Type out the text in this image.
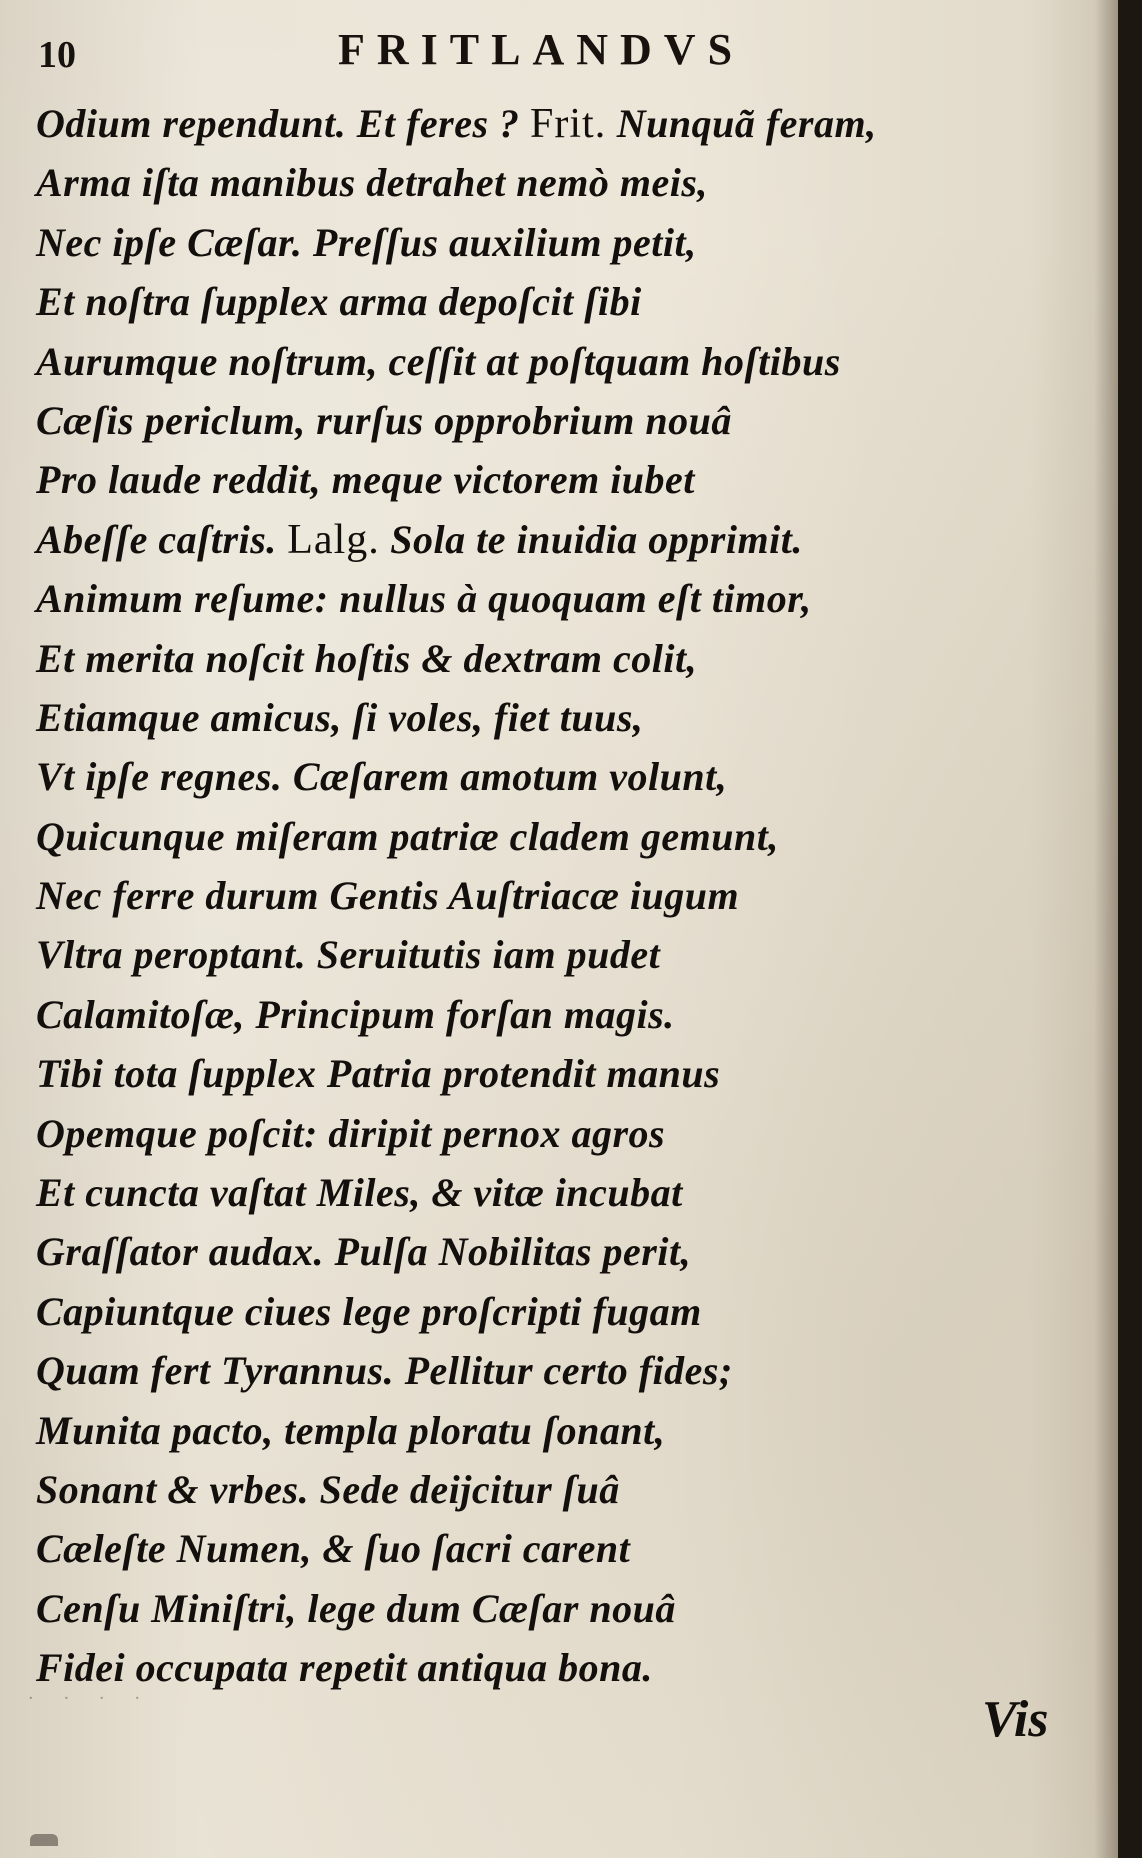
10	FRITLANDVS
Odium rependunt. Et feres ? Frit. Nunquã feram,
Arma iſta manibus detrahet nemò meis,
Nec ipſe Cæſar. Preſſus auxilium petit,
Et noſtra ſupplex arma depoſcit ſibi
Aurumque noſtrum, ceſſit at poſtquam hoſtibus
Cæſis periclum, rurſus opprobrium nouâ
Pro laude reddit, meque victorem iubet
Abeſſe caſtris. Lalg. Sola te inuidia opprimit.
Animum reſume: nullus à quoquam eſt timor,
Et merita noſcit hoſtis & dextram colit,
Etiamque amicus, ſi voles, fiet tuus,
Vt ipſe regnes. Cæſarem amotum volunt,
Quicunque miſeram patriæ cladem gemunt,
Nec ferre durum Gentis Auſtriacæ iugum
Vltra peroptant. Seruitutis iam pudet
Calamitoſæ, Principum forſan magis.
Tibi tota ſupplex Patria protendit manus
Opemque poſcit: diripit pernox agros
Et cuncta vaſtat Miles, & vitæ incubat
Graſſator audax. Pulſa Nobilitas perit,
Capiuntque ciues lege proſcripti fugam
Quam fert Tyrannus. Pellitur certo fides;
Munita pacto, templa ploratu ſonant,
Sonant & vrbes. Sede deijcitur ſuâ
Cæleſte Numen, & ſuo ſacri carent
Cenſu Miniſtri, lege dum Cæſar nouâ
Fidei occupata repetit antiqua bona.
· · · ·	Vis
